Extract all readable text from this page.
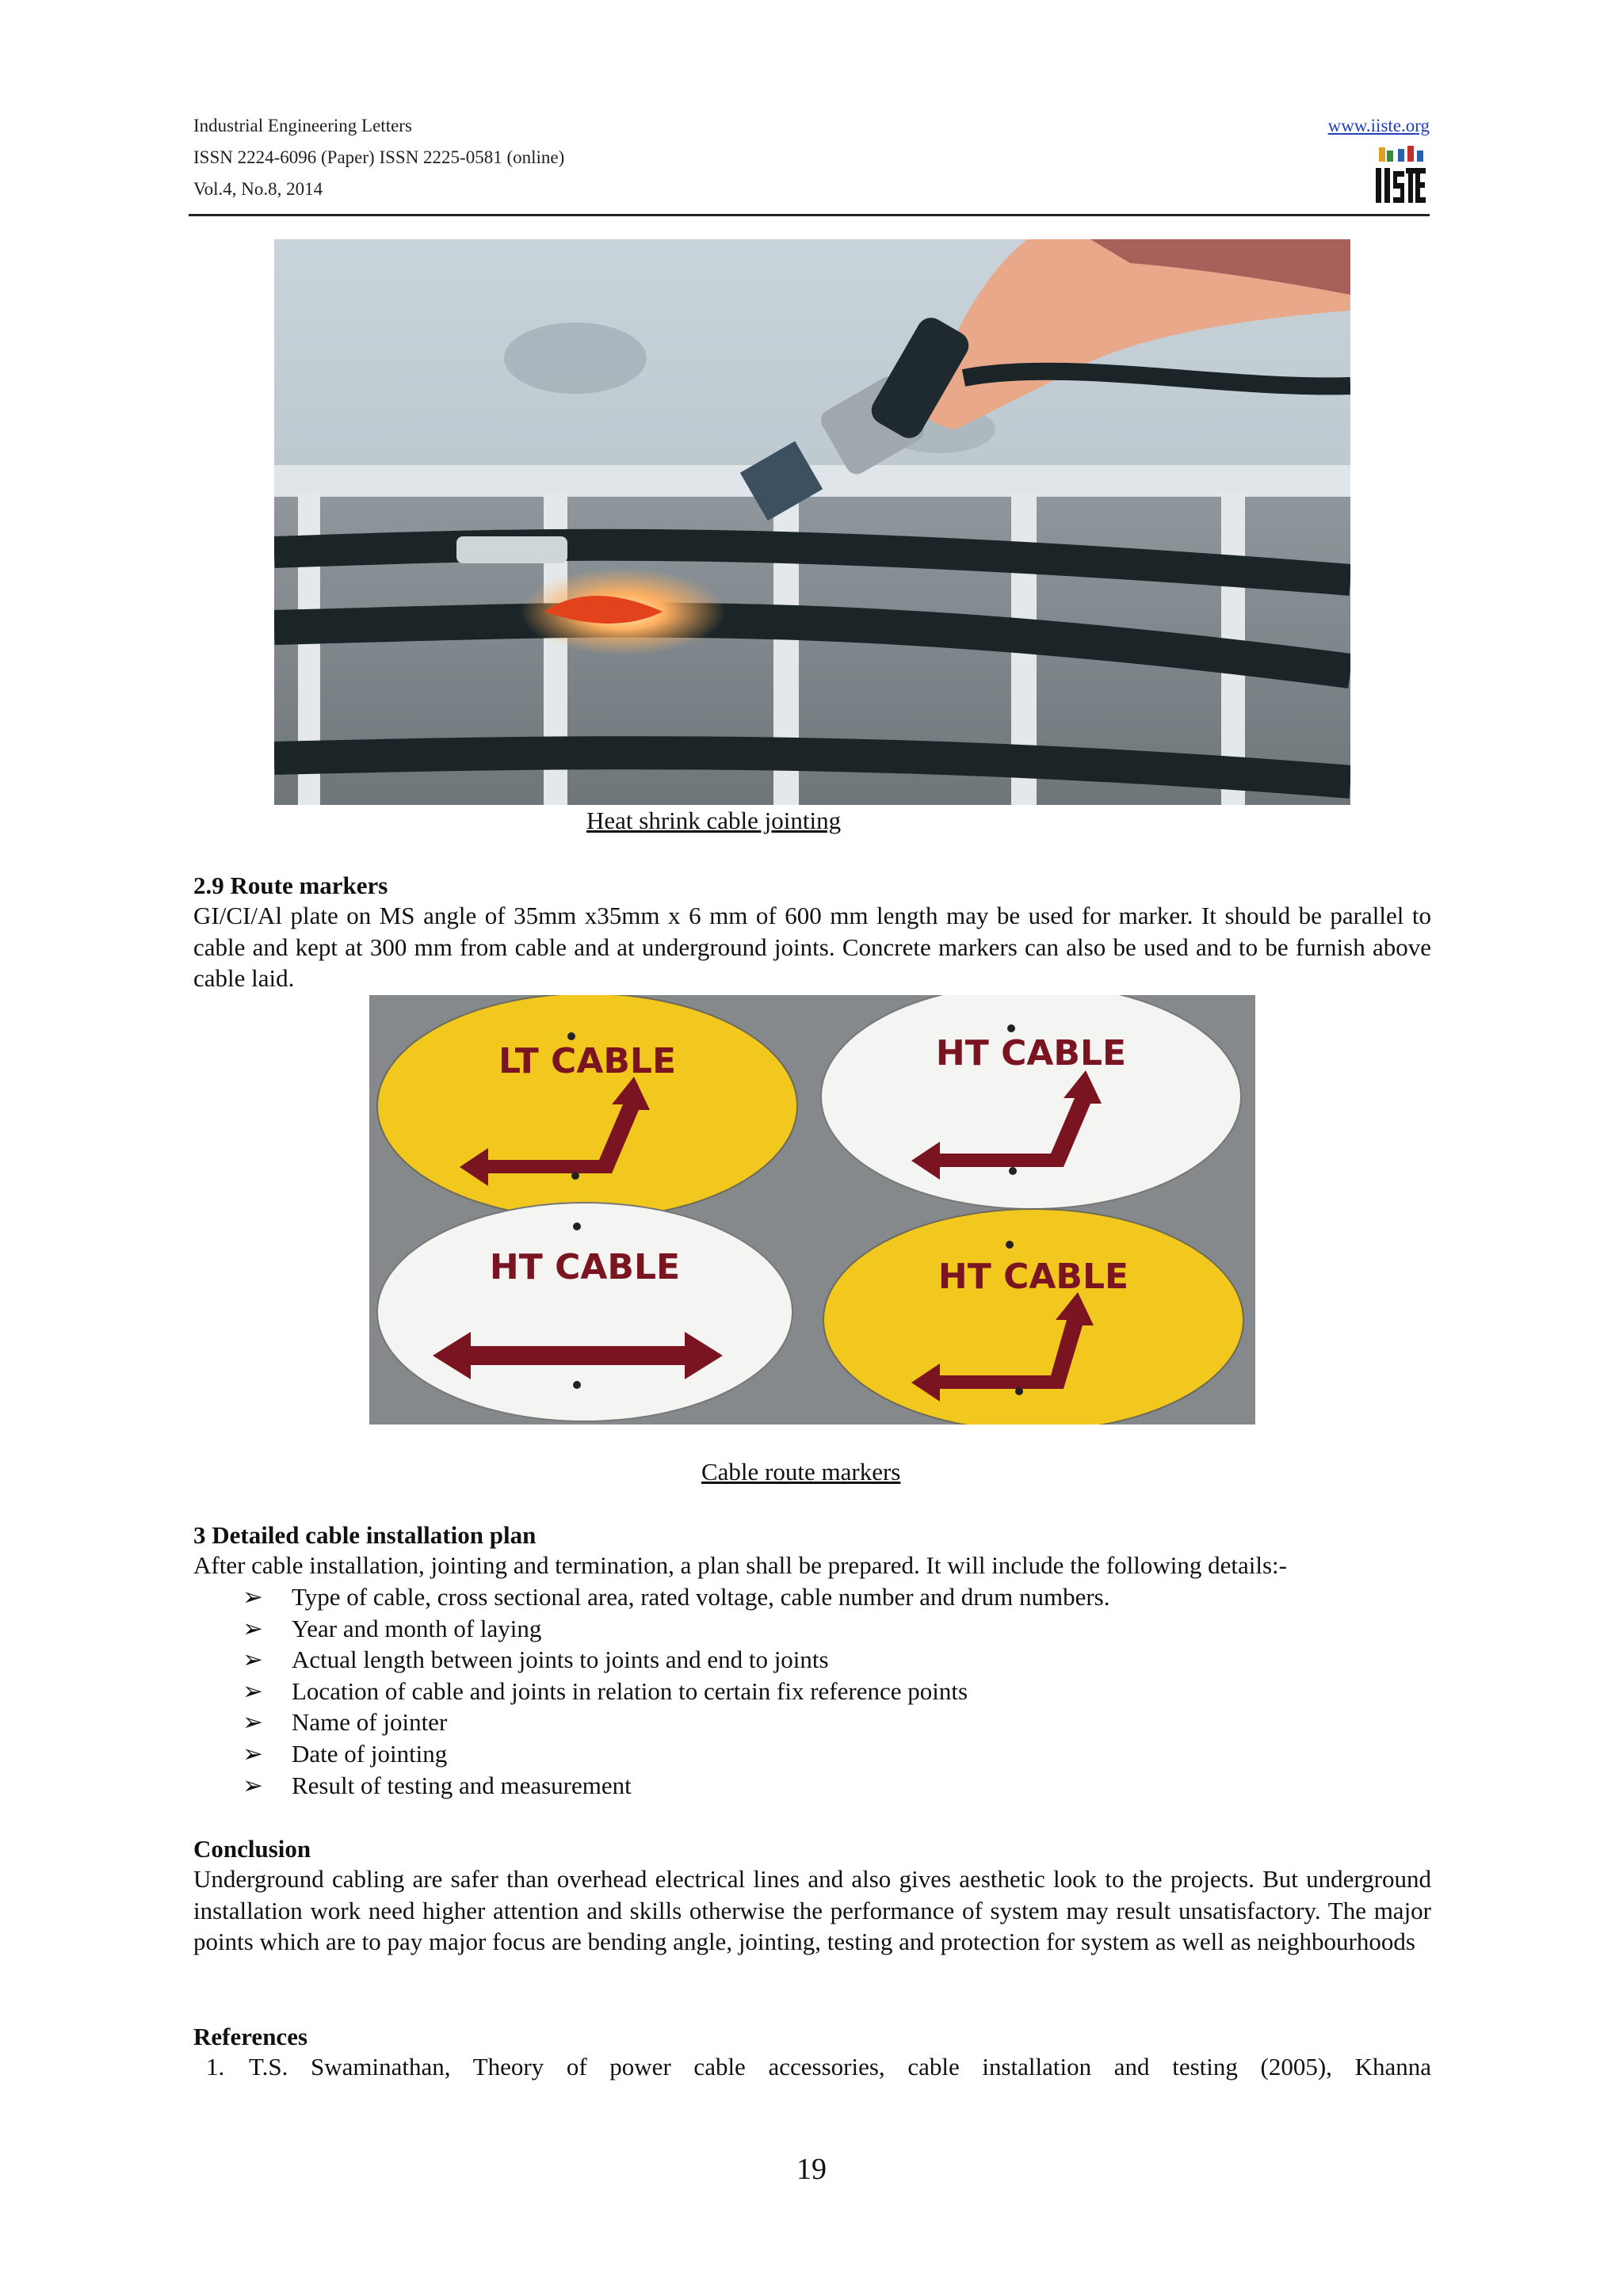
Industrial Engineering Letters
ISSN 2224-6096 (Paper) ISSN 2225-0581 (online)
Vol.4, No.8, 2014
www.iiste.org
Heat shrink cable jointing
2.9 Route markers
GI/CI/Al plate on MS angle of 35mm x35mm x 6 mm of 600 mm length may be used for marker. It should be parallel to cable and kept at 300 mm from cable and at underground joints. Concrete markers can also be used and to be furnish above cable laid.
LT CABLE	HT CABLE
HT CABLE	HT CABLE
Cable route markers
3 Detailed cable installation plan
After cable installation, jointing and termination, a plan shall be prepared. It will include the following details:-
➢ Type of cable, cross sectional area, rated voltage, cable number and drum numbers.
➢ Year and month of laying
➢ Actual length between joints to joints and end to joints
➢ Location of cable and joints in relation to certain fix reference points
➢ Name of jointer
➢ Date of jointing
➢ Result of testing and measurement
Conclusion
Underground cabling are safer than overhead electrical lines and also gives aesthetic look to the projects. But underground installation work need higher attention and skills otherwise the performance of system may result unsatisfactory. The major points which are to pay major focus are bending angle, jointing, testing and protection for system as well as neighbourhoods
References
1. T.S. Swaminathan, Theory of power cable accessories, cable installation and testing (2005), Khanna
19
